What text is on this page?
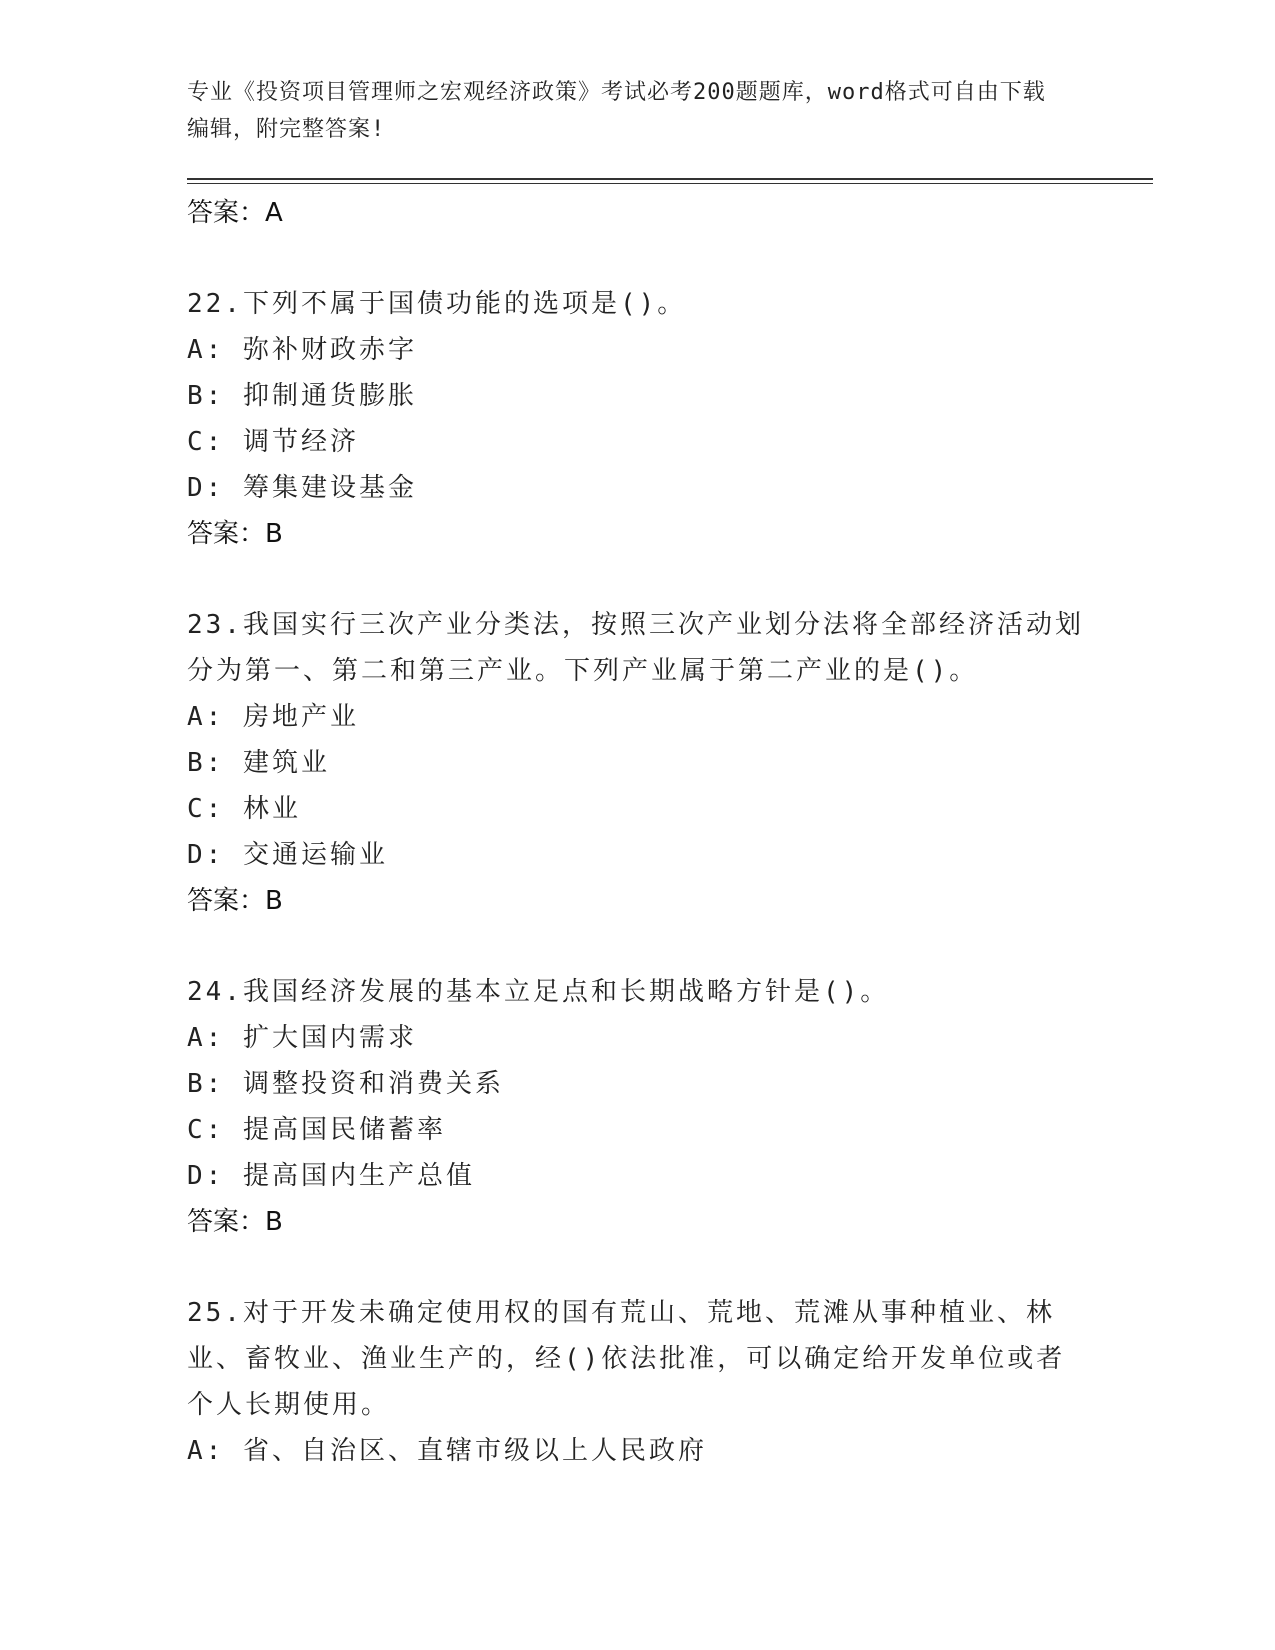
专业《投资项目管理师之宏观经济政策》考试必考200题题库，word格式可自由下载编辑，附完整答案!
答案：A
22.下列不属于国债功能的选项是()。
A: 弥补财政赤字
B: 抑制通货膨胀
C: 调节经济
D: 筹集建设基金
答案：B
23.我国实行三次产业分类法，按照三次产业划分法将全部经济活动划分为第一、第二和第三产业。下列产业属于第二产业的是()。
A: 房地产业
B: 建筑业
C: 林业
D: 交通运输业
答案：B
24.我国经济发展的基本立足点和长期战略方针是()。
A: 扩大国内需求
B: 调整投资和消费关系
C: 提高国民储蓄率
D: 提高国内生产总值
答案：B
25.对于开发未确定使用权的国有荒山、荒地、荒滩从事种植业、林业、畜牧业、渔业生产的，经()依法批准，可以确定给开发单位或者个人长期使用。
A: 省、自治区、直辖市级以上人民政府
